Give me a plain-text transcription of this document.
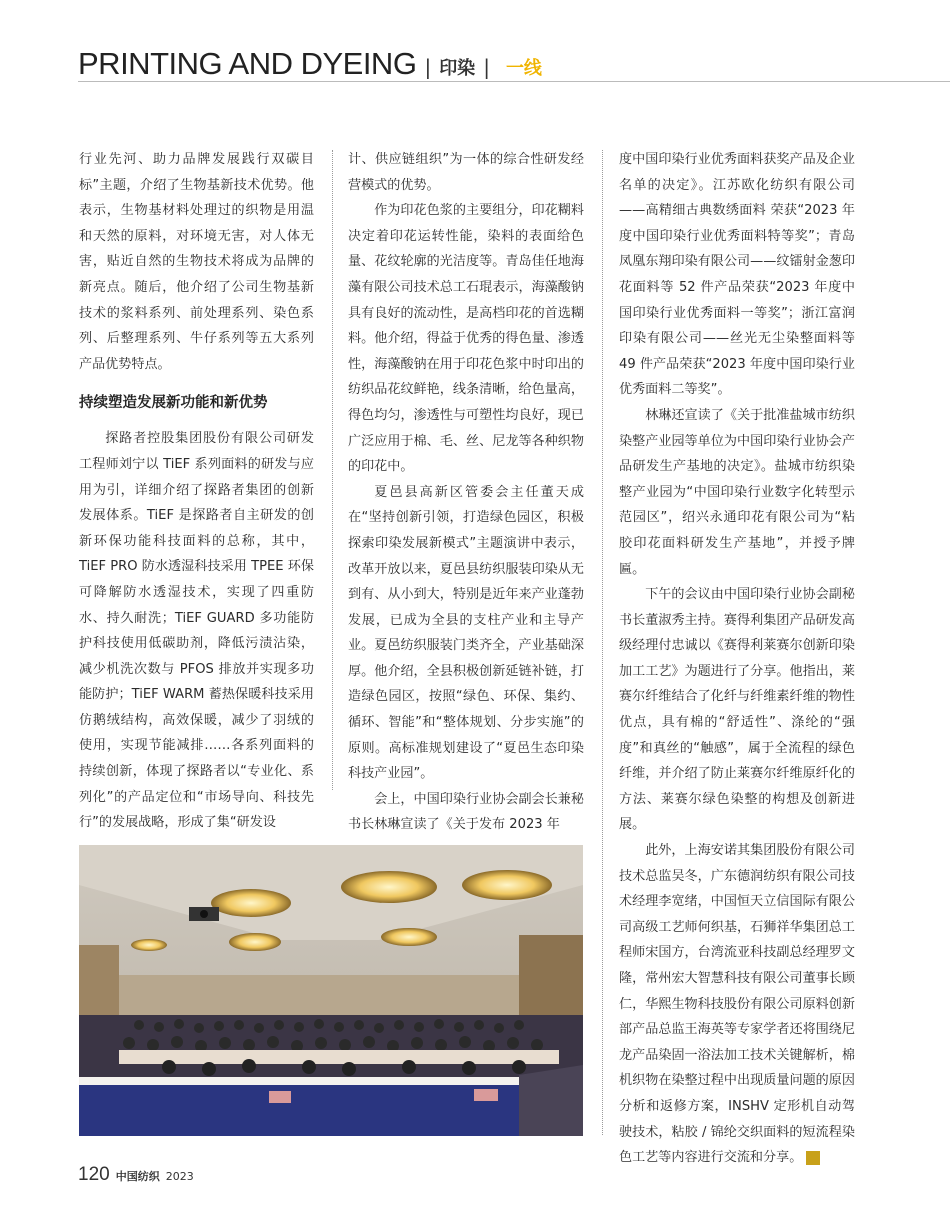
PRINTING AND DYEING | 印染 | 一线

行业先河、助力品牌发展践行双碳目标”主题，介绍了生物基新技术优势。他表示，生物基材料处理过的织物是用温和天然的原料，对环境无害，对人体无害，贴近自然的生物技术将成为品牌的新亮点。随后，他介绍了公司生物基新技术的浆料系列、前处理系列、染色系列、后整理系列、牛仔系列等五大系列产品优势特点。

持续塑造发展新功能和新优势

探路者控股集团股份有限公司研发工程师刘宁以 TiEF 系列面料的研发与应用为引，详细介绍了探路者集团的创新发展体系。TiEF 是探路者自主研发的创新环保功能科技面料的总称，其中，TiEF PRO 防水透湿科技采用 TPEE 环保可降解防水透湿技术，实现了四重防水、持久耐洗；TiEF GUARD 多功能防护科技使用低碳助剂，降低污渍沾染，减少机洗次数与 PFOS 排放并实现多功能防护；TiEF WARM 蓄热保暖科技采用仿鹅绒结构，高效保暖，减少了羽绒的使用，实现节能减排……各系列面料的持续创新，体现了探路者以“专业化、系列化”的产品定位和“市场导向、科技先行”的发展战略，形成了集“研发设

计、供应链组织”为一体的综合性研发经营模式的优势。

作为印花色浆的主要组分，印花糊料决定着印花运转性能，染料的表面给色量、花纹轮廓的光洁度等。青岛佳任地海藻有限公司技术总工石琨表示，海藻酸钠具有良好的流动性，是高档印花的首选糊料。他介绍，得益于优秀的得色量、渗透性，海藻酸钠在用于印花色浆中时印出的纺织品花纹鲜艳，线条清晰，给色量高，得色均匀，渗透性与可塑性均良好，现已广泛应用于棉、毛、丝、尼龙等各种织物的印花中。

夏邑县高新区管委会主任董天成在“坚持创新引领，打造绿色园区，积极探索印染发展新模式”主题演讲中表示，改革开放以来，夏邑县纺织服装印染从无到有、从小到大，特别是近年来产业蓬勃发展，已成为全县的支柱产业和主导产业。夏邑纺织服装门类齐全，产业基础深厚。他介绍，全县积极创新延链补链，打造绿色园区，按照“绿色、环保、集约、循环、智能”和“整体规划、分步实施”的原则。高标准规划建设了“夏邑生态印染科技产业园”。

会上，中国印染行业协会副会长兼秘书长林琳宣读了《关于发布 2023 年

度中国印染行业优秀面料获奖产品及企业名单的决定》。江苏欧化纺织有限公司——高精细古典数绣面料 荣获“2023 年度中国印染行业优秀面料特等奖”；青岛凤凰东翔印染有限公司——纹镭射金葱印花面料等 52 件产品荣获“2023 年度中国印染行业优秀面料一等奖”；浙江富润印染有限公司——丝光无尘染整面料等 49 件产品荣获“2023 年度中国印染行业优秀面料二等奖”。

林琳还宣读了《关于批准盐城市纺织染整产业园等单位为中国印染行业协会产品研发生产基地的决定》。盐城市纺织染整产业园为“中国印染行业数字化转型示范园区”，绍兴永通印花有限公司为“粘胶印花面料研发生产基地”，并授予牌匾。

下午的会议由中国印染行业协会副秘书长董淑秀主持。赛得利集团产品研发高级经理付忠诚以《赛得利莱赛尔创新印染加工工艺》为题进行了分享。他指出，莱赛尔纤维结合了化纤与纤维素纤维的物性优点，具有棉的“舒适性”、涤纶的“强度”和真丝的“触感”，属于全流程的绿色纤维，并介绍了防止莱赛尔纤维原纤化的方法、莱赛尔绿色染整的构想及创新进展。

此外，上海安诺其集团股份有限公司技术总监吴冬，广东德润纺织有限公司技术经理李宽绪，中国恒天立信国际有限公司高级工艺师何织基，石狮祥华集团总工程师宋国方，台湾流亚科技副总经理罗文隆，常州宏大智慧科技有限公司董事长顾仁，华熙生物科技股份有限公司原料创新部产品总监王海英等专家学者还将围绕尼龙产品染固一浴法加工技术关键解析，棉机织物在染整过程中出现质量问题的原因分析和返修方案，INSHV 定形机自动驾驶技术，粘胶 / 锦纶交织面料的短流程染色工艺等内容进行交流和分享。

120 中国纺织 2023
